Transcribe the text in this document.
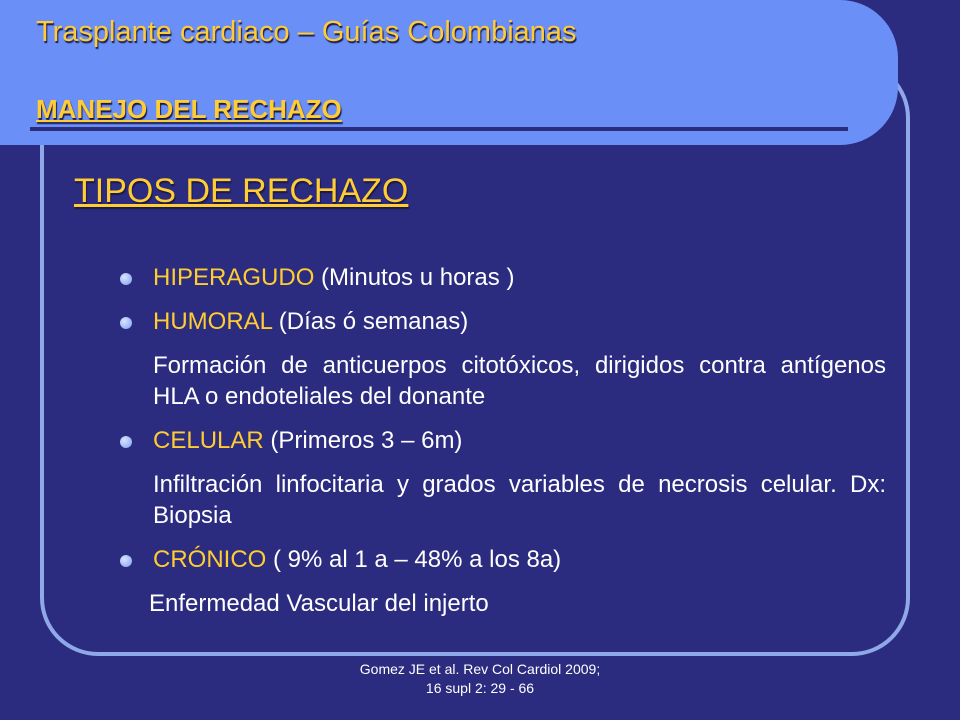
Trasplante cardiaco – Guías Colombianas
MANEJO DEL RECHAZO
TIPOS DE RECHAZO
HIPERAGUDO (Minutos u horas )
HUMORAL (Días ó semanas)
Formación de anticuerpos citotóxicos, dirigidos contra antígenos HLA o endoteliales del donante
CELULAR (Primeros 3 – 6m)
Infiltración linfocitaria y grados variables de necrosis celular. Dx: Biopsia
CRÓNICO ( 9% al 1 a – 48% a los 8a)
Enfermedad Vascular del injerto
Gomez JE et al. Rev Col Cardiol 2009;
16 supl 2: 29 - 66
